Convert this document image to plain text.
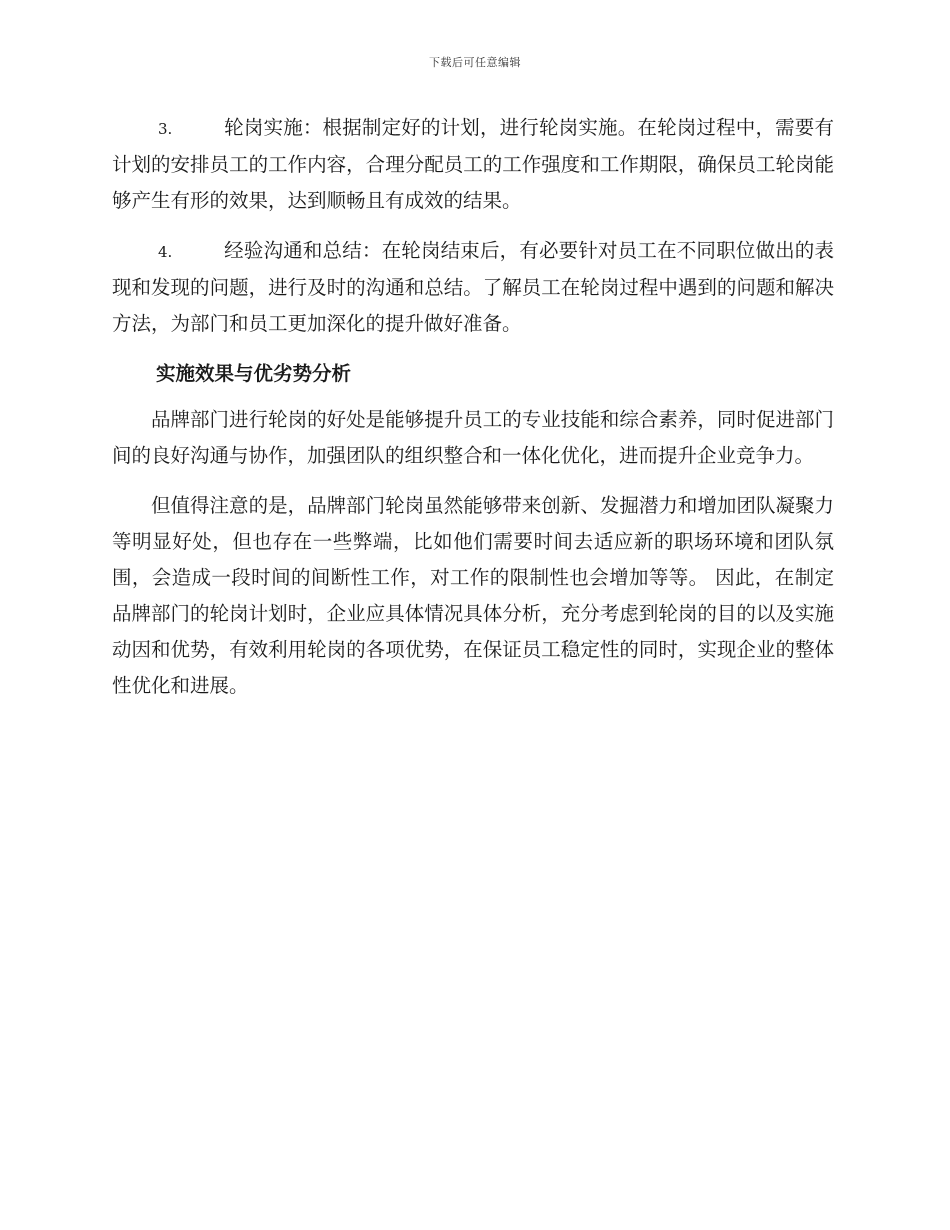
下载后可任意编辑

3.	轮岗实施：根据制定好的计划，进行轮岗实施。在轮岗过程中，需要有计划的安排员工的工作内容，合理分配员工的工作强度和工作期限，确保员工轮岗能够产生有形的效果，达到顺畅且有成效的结果。

4.	经验沟通和总结：在轮岗结束后，有必要针对员工在不同职位做出的表现和发现的问题，进行及时的沟通和总结。了解员工在轮岗过程中遇到的问题和解决方法，为部门和员工更加深化的提升做好准备。

实施效果与优劣势分析

品牌部门进行轮岗的好处是能够提升员工的专业技能和综合素养，同时促进部门间的良好沟通与协作，加强团队的组织整合和一体化优化，进而提升企业竞争力。

但值得注意的是，品牌部门轮岗虽然能够带来创新、发掘潜力和增加团队凝聚力等明显好处，但也存在一些弊端，比如他们需要时间去适应新的职场环境和团队氛围，会造成一段时间的间断性工作，对工作的限制性也会增加等等。 因此，在制定品牌部门的轮岗计划时，企业应具体情况具体分析，充分考虑到轮岗的目的以及实施动因和优势，有效利用轮岗的各项优势，在保证员工稳定性的同时，实现企业的整体性优化和进展。
